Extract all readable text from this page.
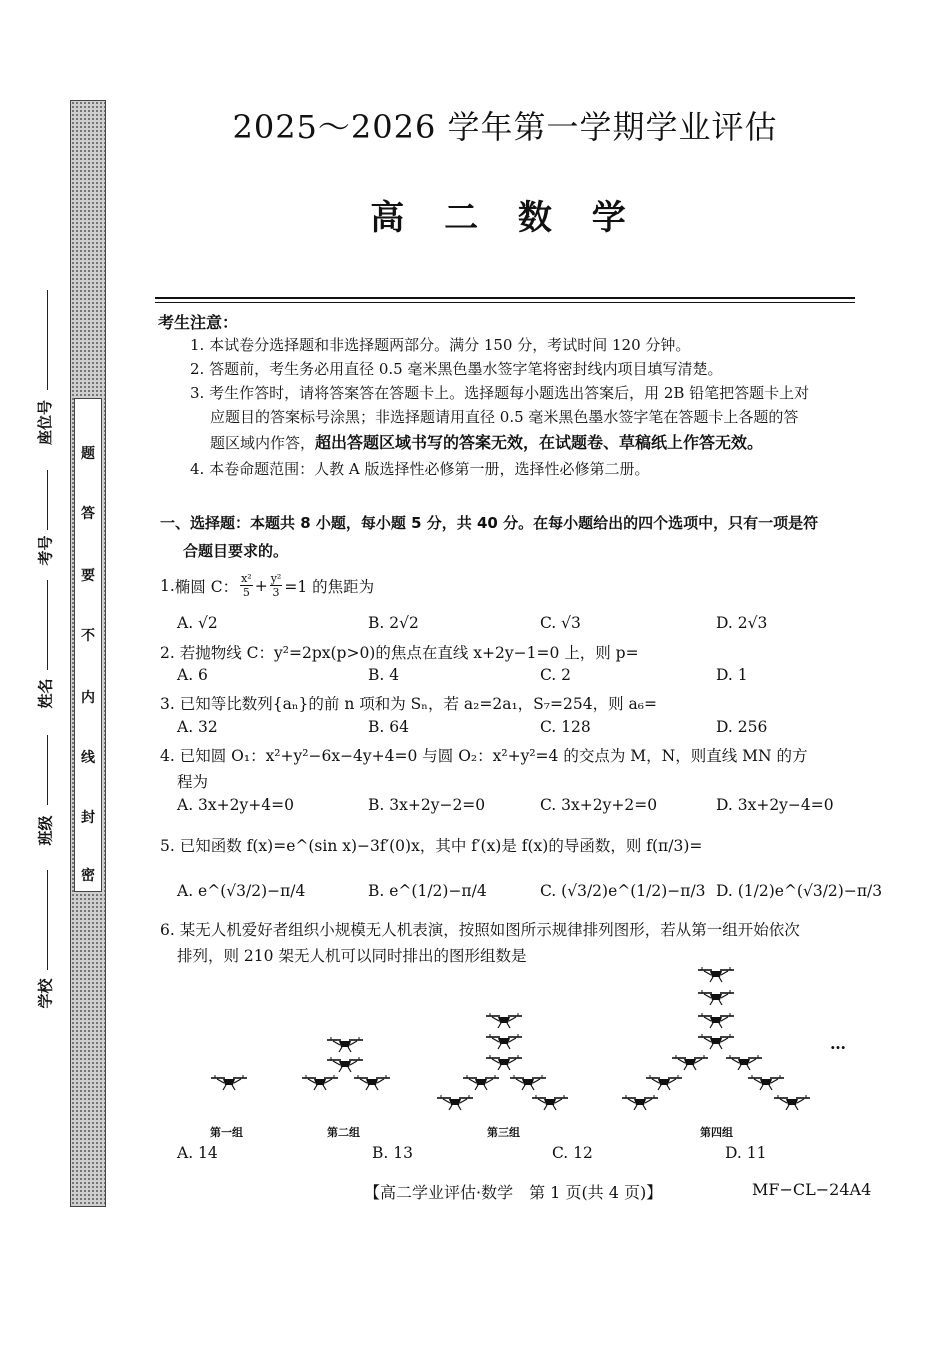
密
封
线
内
不
要
答
题
座位号
考号
姓名
班级
学校
2025～2026 学年第一学期学业评估
高 二 数 学
考生注意：
1. 本试卷分选择题和非选择题两部分。满分 150 分，考试时间 120 分钟。
2. 答题前，考生务必用直径 0.5 毫米黑色墨水签字笔将密封线内项目填写清楚。
3. 考生作答时，请将答案答在答题卡上。选择题每小题选出答案后，用 2B 铅笔把答题卡上对
应题目的答案标号涂黑；非选择题请用直径 0.5 毫米黑色墨水签字笔在答题卡上各题的答
题区域内作答，超出答题区域书写的答案无效，在试题卷、草稿纸上作答无效。
4. 本卷命题范围：人教 A 版选择性必修第一册，选择性必修第二册。
一、选择题：本题共 8 小题，每小题 5 分，共 40 分。在每小题给出的四个选项中，只有一项是符
合题目要求的。
1. 椭圆 C： $\frac{\text{x²}}{5} + \frac{\text{y²}}{3} =1$ 的焦距为
A. √2	B. 2√2	C. √3	D. 2√3
2. 若抛物线 C：y²=2px(p>0)的焦点在直线 x+2y−1=0 上，则 p=
A. 6	B. 4	C. 2	D. 1
3. 已知等比数列{aₙ}的前 n 项和为 Sₙ，若 a₂=2a₁，S₇=254，则 a₆=
A. 32	B. 64	C. 128	D. 256
4. 已知圆 O₁：x²+y²−6x−4y+4=0 与圆 O₂：x²+y²=4 的交点为 M，N，则直线 MN 的方
程为
A. 3x+2y+4=0	B. 3x+2y−2=0	C. 3x+2y+2=0	D. 3x+2y−4=0
5. 已知函数 f(x)=e^(sin x)−3f′(0)x，其中 f′(x)是 f(x)的导函数，则 f(π/3)=
A. e^(√3/2)−π/4	B. e^(1/2)−π/4	C. (√3/2)e^(1/2)−π/3 D. (1/2)e^(√3/2)−π/3
6. 某无人机爱好者组织小规模无人机表演，按照如图所示规律排列图形，若从第一组开始依次
排列，则 210 架无人机可以同时排出的图形组数是
…
第一组	第二组	第三组	第四组
A. 14	B. 13	C. 12	D. 11
【高二学业评估·数学　第 1 页(共 4 页)】	MF−CL−24A4
